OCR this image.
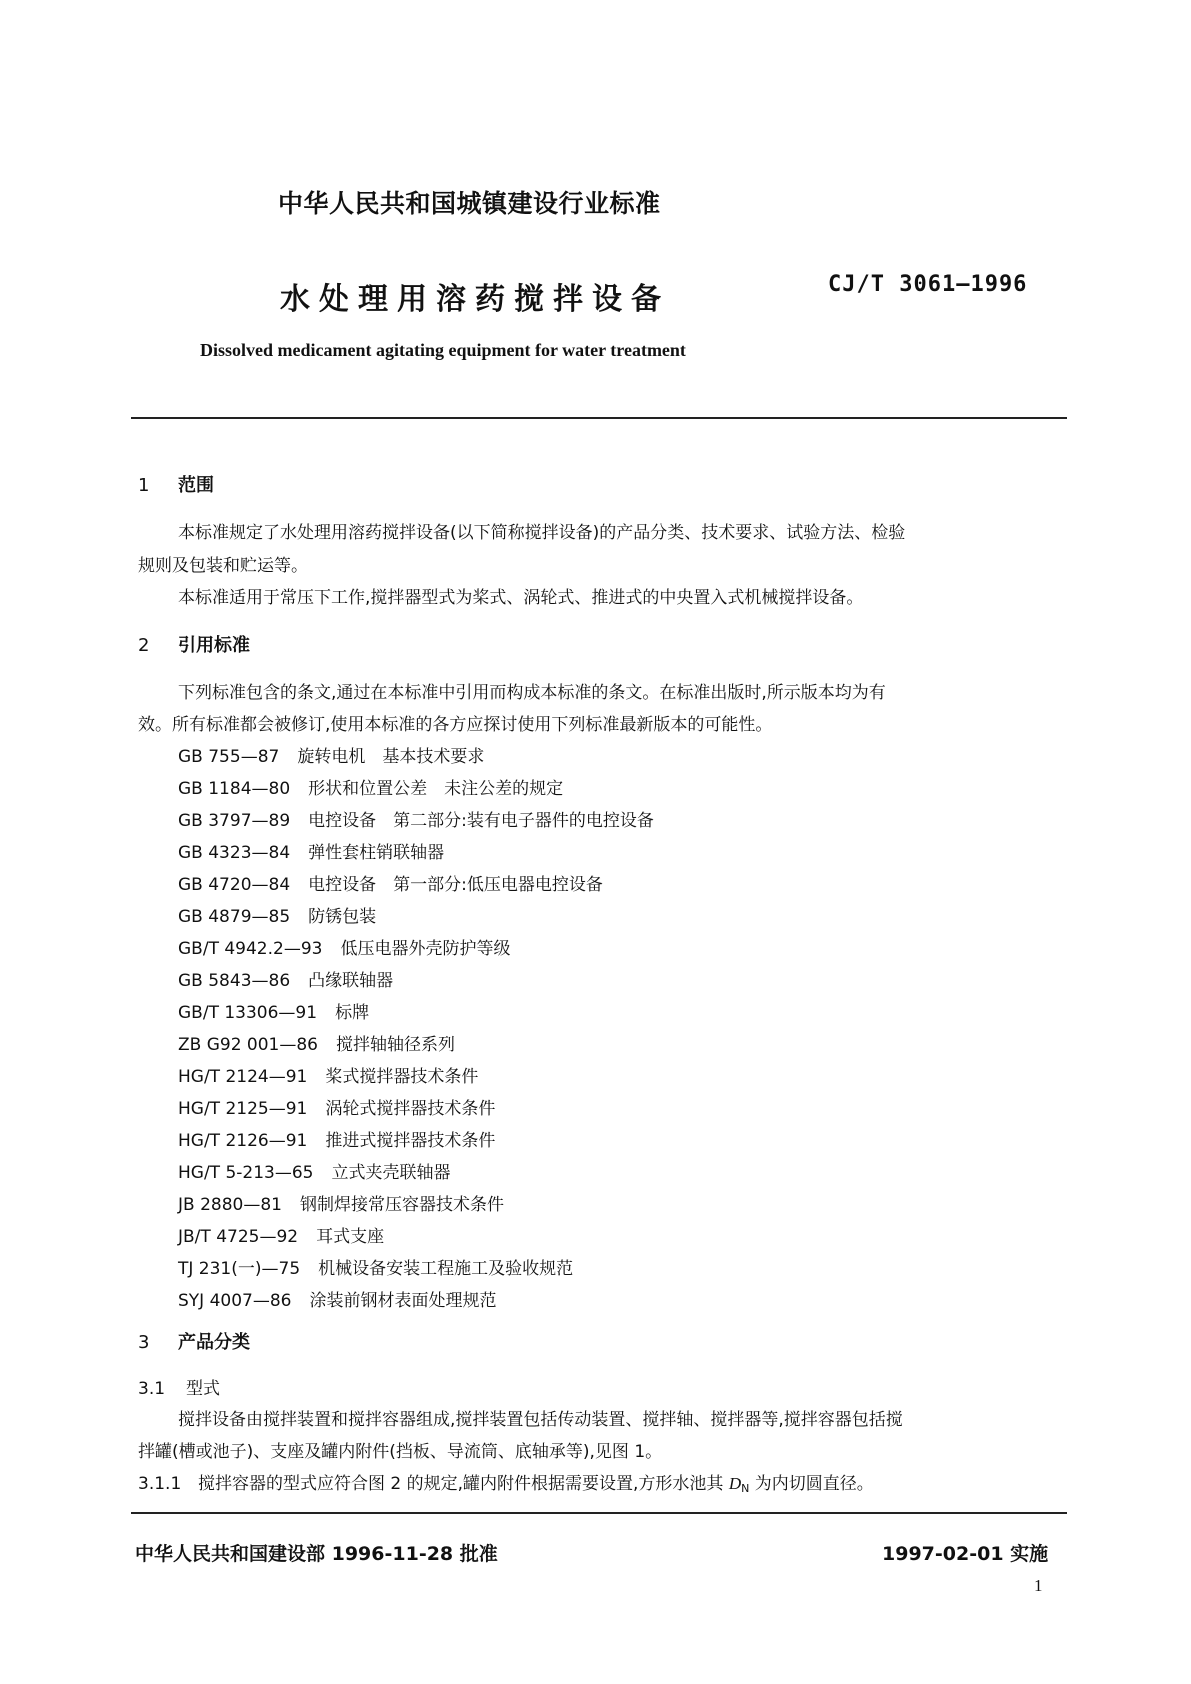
中华人民共和国城镇建设行业标准
水处理用溶药搅拌设备	CJ/T 3061—1996
Dissolved medicament agitating equipment for water treatment
1 范围
本标准规定了水处理用溶药搅拌设备(以下简称搅拌设备)的产品分类、技术要求、试验方法、检验
规则及包装和贮运等。
本标准适用于常压下工作,搅拌器型式为桨式、涡轮式、推进式的中央置入式机械搅拌设备。
2 引用标准
下列标准包含的条文,通过在本标准中引用而构成本标准的条文。在标准出版时,所示版本均为有
效。所有标准都会被修订,使用本标准的各方应探讨使用下列标准最新版本的可能性。
GB 755—87 旋转电机　基本技术要求
GB 1184—80 形状和位置公差　未注公差的规定
GB 3797—89 电控设备　第二部分:装有电子器件的电控设备
GB 4323—84 弹性套柱销联轴器
GB 4720—84 电控设备　第一部分:低压电器电控设备
GB 4879—85 防锈包装
GB/T 4942.2—93 低压电器外壳防护等级
GB 5843—86 凸缘联轴器
GB/T 13306—91 标牌
ZB G92 001—86 搅拌轴轴径系列
HG/T 2124—91 桨式搅拌器技术条件
HG/T 2125—91 涡轮式搅拌器技术条件
HG/T 2126—91 推进式搅拌器技术条件
HG/T 5-213—65 立式夹壳联轴器
JB 2880—81 钢制焊接常压容器技术条件
JB/T 4725—92 耳式支座
TJ 231(一)—75 机械设备安装工程施工及验收规范
SYJ 4007—86 涂装前钢材表面处理规范
3 产品分类
3.1 型式
搅拌设备由搅拌装置和搅拌容器组成,搅拌装置包括传动装置、搅拌轴、搅拌器等,搅拌容器包括搅
拌罐(槽或池子)、支座及罐内附件(挡板、导流筒、底轴承等),见图 1。
3.1.1 搅拌容器的型式应符合图 2 的规定,罐内附件根据需要设置,方形水池其 $D_N$ 为内切圆直径。
中华人民共和国建设部 1996-11-28 批准	1997-02-01 实施
1
